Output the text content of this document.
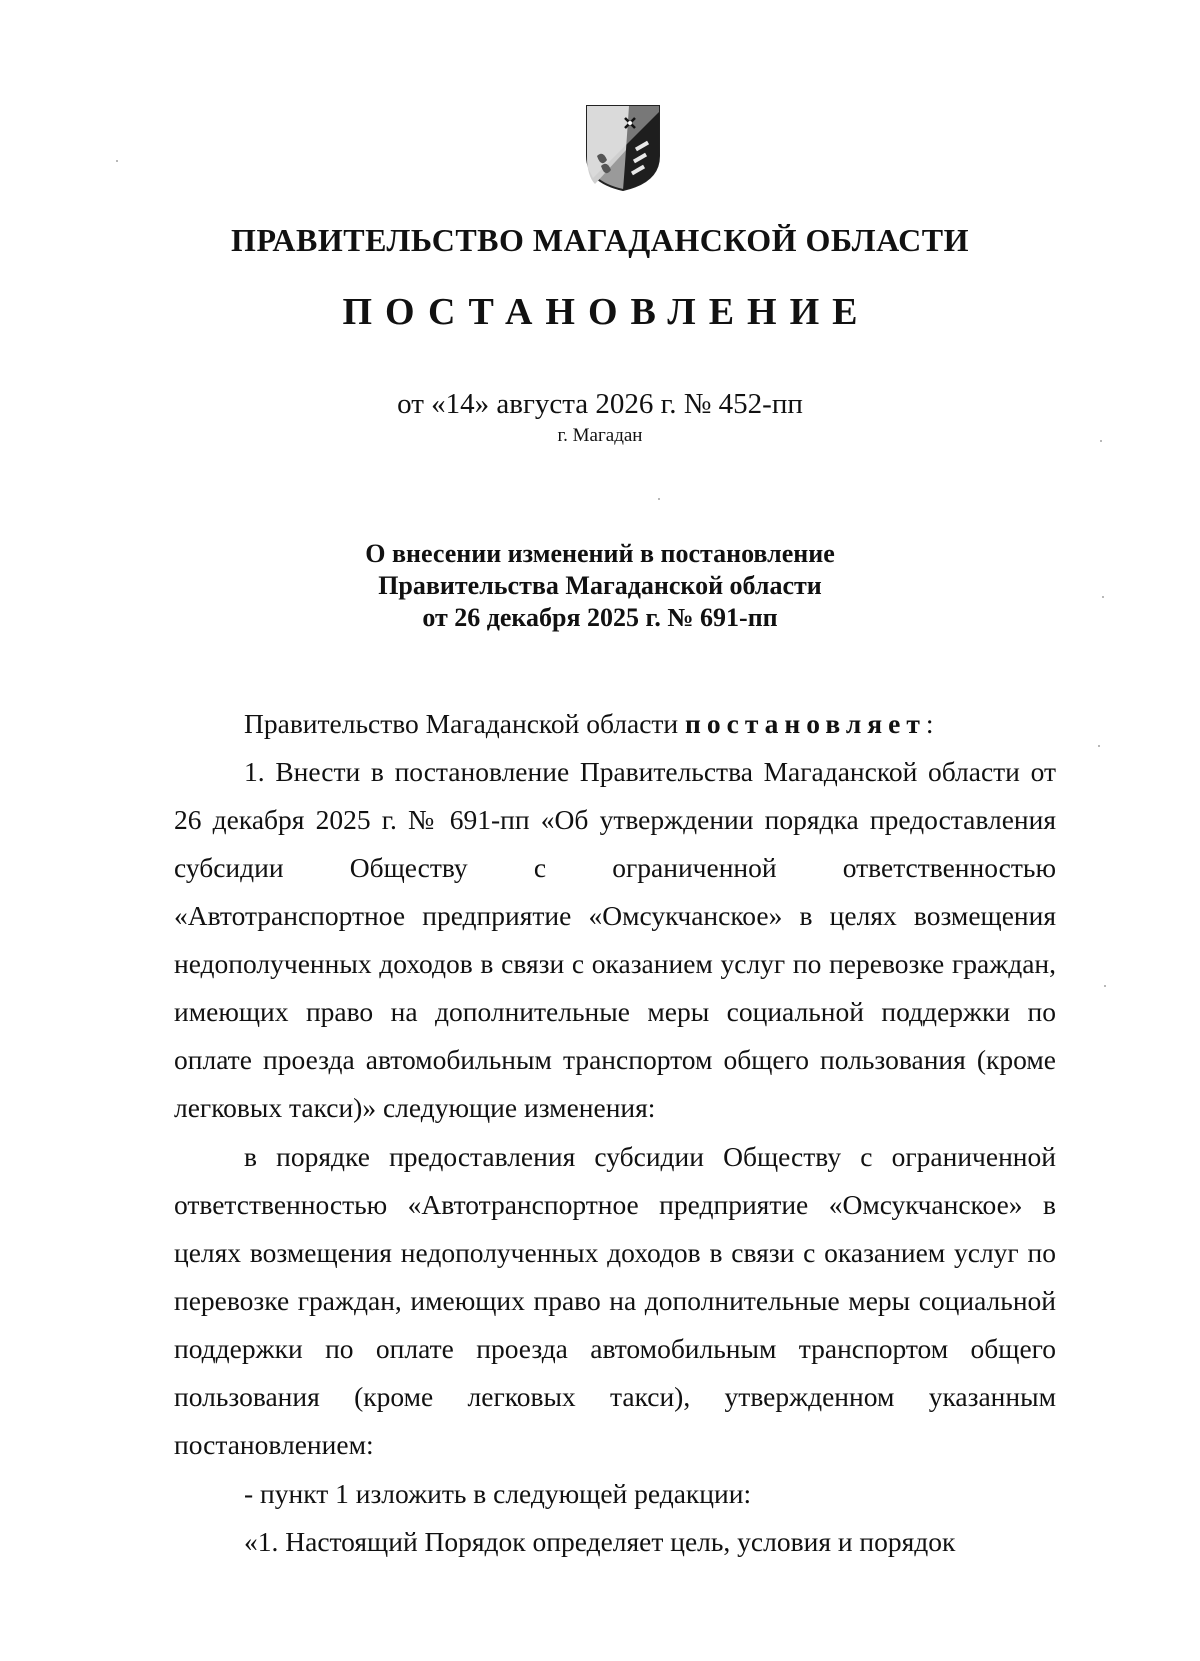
ПРАВИТЕЛЬСТВО МАГАДАНСКОЙ ОБЛАСТИ
ПОСТАНОВЛЕНИЕ
от «14» августа 2026 г. № 452-пп
г. Магадан
О внесении изменений в постановление
Правительства Магаданской области
от 26 декабря 2025 г. № 691-пп

Правительство Магаданской области постановляет:

1. Внести в постановление Правительства Магаданской области от 26 декабря 2025 г. № 691-пп «Об утверждении порядка предоставления субсидии Обществу с ограниченной ответственностью «Автотранспортное предприятие «Омсукчанское» в целях возмещения недополученных доходов в связи с оказанием услуг по перевозке граждан, имеющих право на дополнительные меры социальной поддержки по оплате проезда автомобильным транспортом общего пользования (кроме легковых такси)» следующие изменения:

в порядке предоставления субсидии Обществу с ограниченной ответственностью «Автотранспортное предприятие «Омсукчанское» в целях возмещения недополученных доходов в связи с оказанием услуг по перевозке граждан, имеющих право на дополнительные меры социальной поддержки по оплате проезда автомобильным транспортом общего пользования (кроме легковых такси), утвержденном указанным постановлением:

- пункт 1 изложить в следующей редакции:

«1. Настоящий Порядок определяет цель, условия и порядок
